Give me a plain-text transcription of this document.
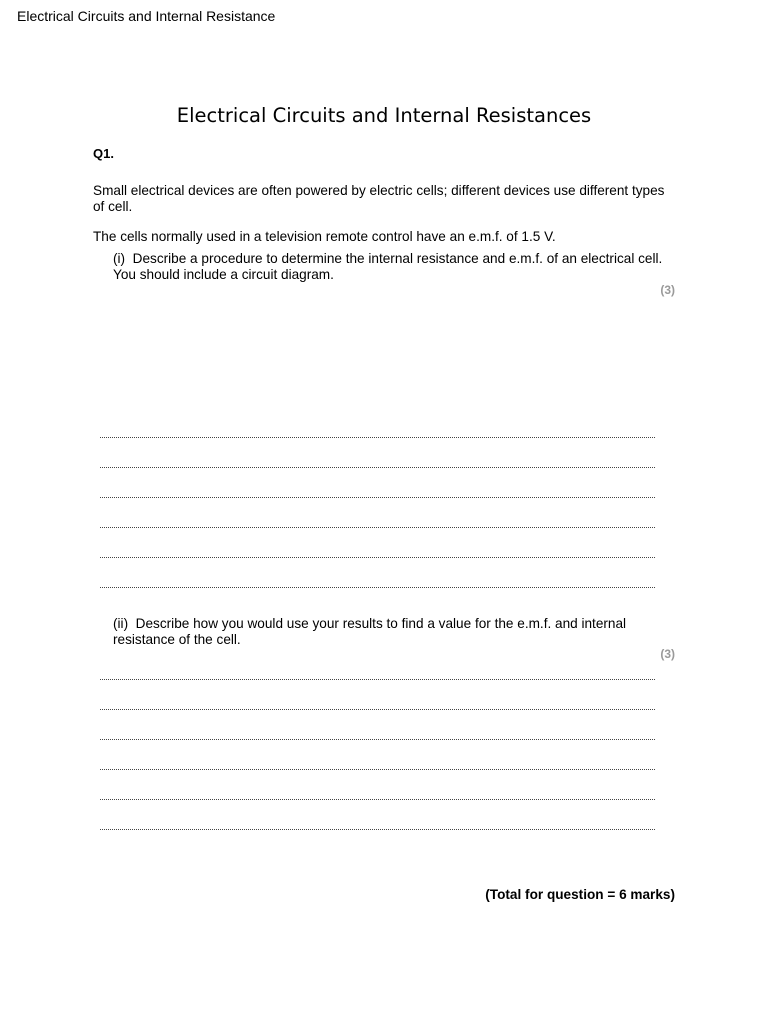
Electrical Circuits and Internal Resistance
Electrical Circuits and Internal Resistances
Q1.
Small electrical devices are often powered by electric cells; different devices use different types of cell.
The cells normally used in a television remote control have an e.m.f. of 1.5 V.
(i) Describe a procedure to determine the internal resistance and e.m.f. of an electrical cell. You should include a circuit diagram.
(3)
(ii) Describe how you would use your results to find a value for the e.m.f. and internal resistance of the cell.
(3)
(Total for question = 6 marks)
